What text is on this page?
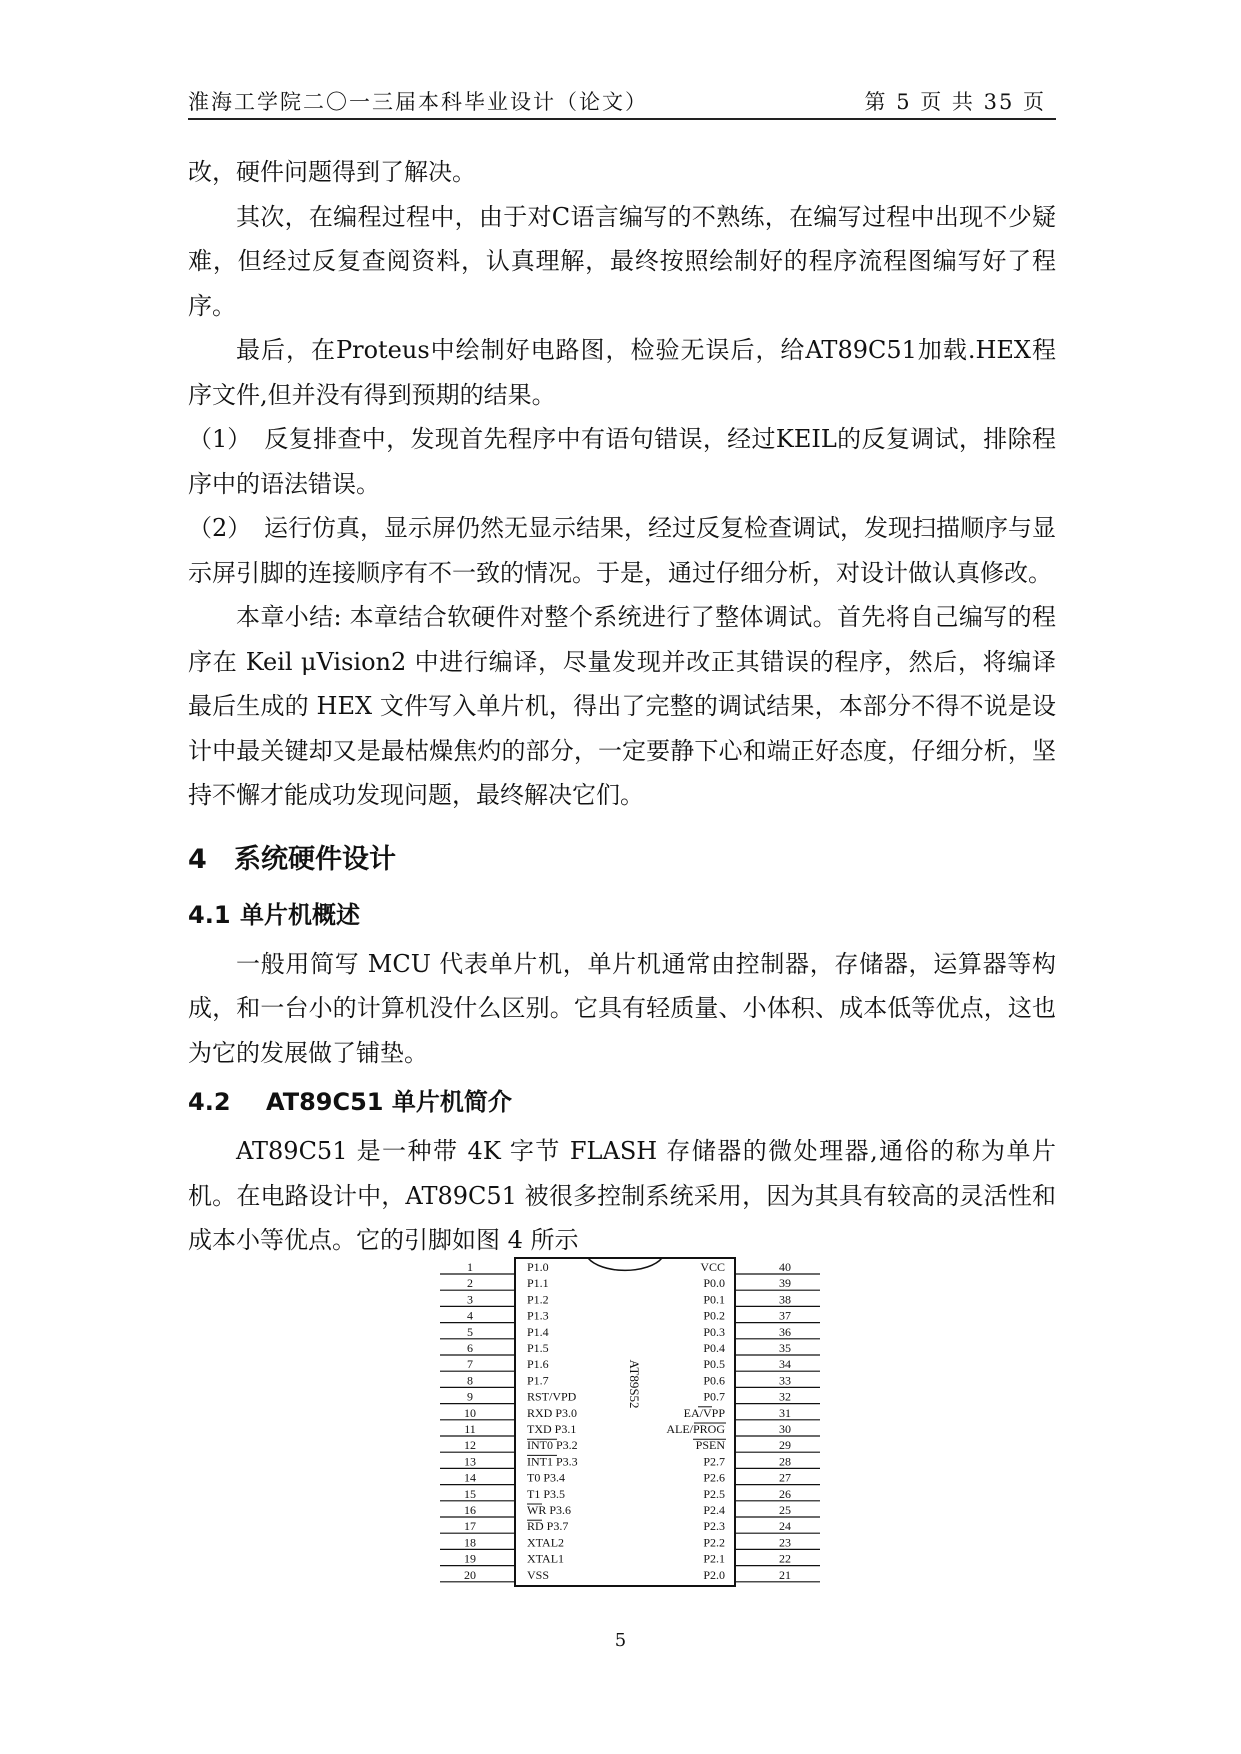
淮海工学院二〇一三届本科毕业设计（论文）	第 5 页 共 35 页

改，硬件问题得到了解决。

其次，在编程过程中，由于对C语言编写的不熟练，在编写过程中出现不少疑难，但经过反复查阅资料，认真理解，最终按照绘制好的程序流程图编写好了程序。

最后，在Proteus中绘制好电路图，检验无误后，给AT89C51加载.HEX程序文件,但并没有得到预期的结果。

（1） 反复排查中，发现首先程序中有语句错误，经过KEIL的反复调试，排除程序中的语法错误。

（2） 运行仿真，显示屏仍然无显示结果，经过反复检查调试，发现扫描顺序与显示屏引脚的连接顺序有不一致的情况。于是，通过仔细分析，对设计做认真修改。

本章小结: 本章结合软硬件对整个系统进行了整体调试。首先将自己编写的程序在 Keil μVision2 中进行编译，尽量发现并改正其错误的程序，然后，将编译最后生成的 HEX 文件写入单片机，得出了完整的调试结果，本部分不得不说是设计中最关键却又是最枯燥焦灼的部分，一定要静下心和端正好态度，仔细分析，坚持不懈才能成功发现问题，最终解决它们。

4 系统硬件设计
4.1 单片机概述

一般用简写 MCU 代表单片机，单片机通常由控制器，存储器，运算器等构成，和一台小的计算机没什么区别。它具有轻质量、小体积、成本低等优点，这也为它的发展做了铺垫。

4.2 AT89C51 单片机简介

AT89C51 是一种带 4K 字节 FLASH 存储器的微处理器,通俗的称为单片机。在电路设计中，AT89C51 被很多控制系统采用，因为其具有较高的灵活性和成本小等优点。它的引脚如图 4 所示

AT89S52
1	P1.0
2	P1.1
3	P1.2
4	P1.3
5	P1.4
6	P1.5
7	P1.6
8	P1.7
9	RST/VPD
10	RXD P3.0
11	TXD P3.1
12	INT0 P3.2
13	INT1 P3.3
14	T0 P3.4
15	T1 P3.5
16	WR P3.6
17	RD P3.7
18	XTAL2
19	XTAL1
20	VSS
40
VCC
39
P0.0
38
P0.1
37
P0.2
36
P0.3
35
P0.4
34
P0.5
33
P0.6
32
P0.7
31
EA/VPP
30
ALE/PROG
29
PSEN
28
P2.7
27
P2.6
26
P2.5
25
P2.4
24
P2.3
23
P2.2
22
P2.1
21
P2.0
5
